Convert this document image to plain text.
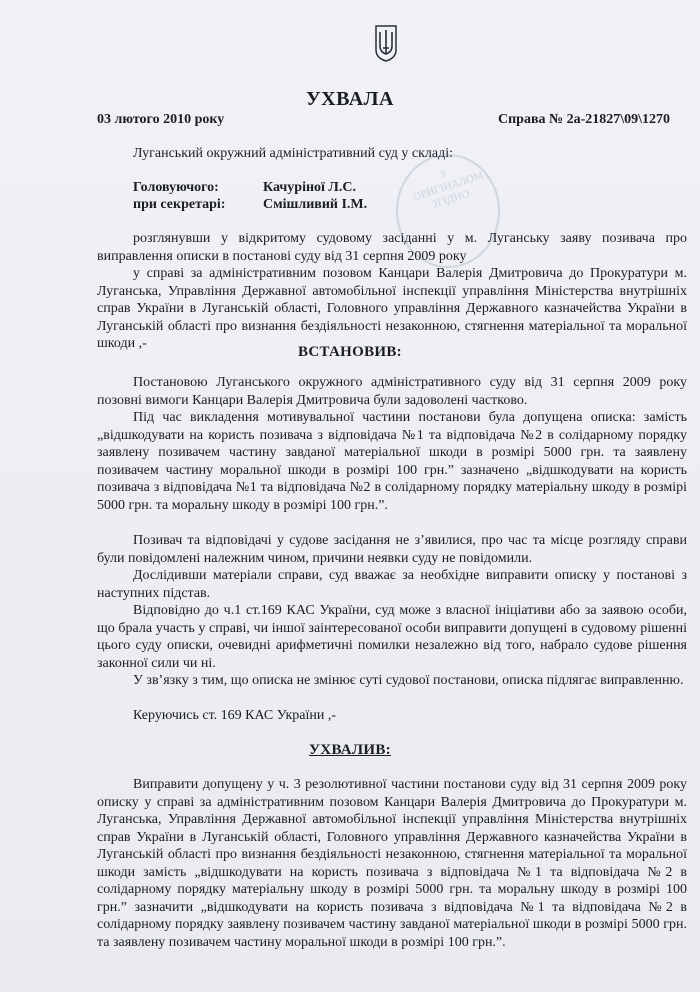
УХВАЛА
03 лютого 2010 року	Справа № 2а-21827\09\1270
Луганський окружний адміністративний суд у складі:
Головуючого:	Качуріної Л.С.
при секретарі:	Смішливий І.М.
З ОРИГІНАЛОМ ЗГІДНО

розглянувши у відкритому судовому засіданні у м. Луганську заяву позивача про виправлення описки в постанові суду від 31 серпня 2009 року

у справі за адміністративним позовом Канцари Валерія Дмитровича до Прокуратури м. Луганська, Управління Державної автомобільної інспекції управління Міністерства внутрішніх справ України в Луганській області, Головного управління Державного казначейства України в Луганській області про визнання бездіяльності незаконною, стягнення матеріальної та моральної шкоди ,-

ВСТАНОВИВ:

Постановою Луганського окружного адміністративного суду від 31 серпня 2009 року позовні вимоги Канцари Валерія Дмитровича були задоволені частково.

Під час викладення мотивувальної частини постанови була допущена описка: замість „відшкодувати на користь позивача з відповідача №1 та відповідача №2 в солідарному порядку заявлену позивачем частину завданої матеріальної шкоди в розмірі 5000 грн. та заявлену позивачем частину моральної шкоди в розмірі 100 грн.” зазначено „відшкодувати на користь позивача з відповідача №1 та відповідача №2 в солідарному порядку матеріальну шкоду в розмірі 5000 грн. та моральну шкоду в розмірі 100 грн.”.

Позивач та відповідачі у судове засідання не з’явилися, про час та місце розгляду справи були повідомлені належним чином, причини неявки суду не повідомили.

Дослідивши матеріали справи, суд вважає за необхідне виправити описку у постанові з наступних підстав.

Відповідно до ч.1 ст.169 КАС України, суд може з власної ініціативи або за заявою особи, що брала участь у справі, чи іншої заінтересованої особи виправити допущені в судовому рішенні цього суду описки, очевидні арифметичні помилки незалежно від того, набрало судове рішення законної сили чи ні.

У зв’язку з тим, що описка не змінює суті судової постанови, описка підлягає виправленню.

Керуючись ст. 169 КАС України ,-

УХВАЛИВ:

Виправити допущену у ч. 3 резолютивної частини постанови суду від 31 серпня 2009 року описку у справі за адміністративним позовом Канцари Валерія Дмитровича до Прокуратури м. Луганська, Управління Державної автомобільної інспекції управління Міністерства внутрішніх справ України в Луганській області, Головного управління Державного казначейства України в Луганській області про визнання бездіяльності незаконною, стягнення матеріальної та моральної шкоди замість „відшкодувати на користь позивача з відповідача №1 та відповідача №2 в солідарному порядку матеріальну шкоду в розмірі 5000 грн. та моральну шкоду в розмірі 100 грн.” зазначити „відшкодувати на користь позивача з відповідача №1 та відповідача №2 в солідарному порядку заявлену позивачем частину завданої матеріальної шкоди в розмірі 5000 грн. та заявлену позивачем частину моральної шкоди в розмірі 100 грн.”.
